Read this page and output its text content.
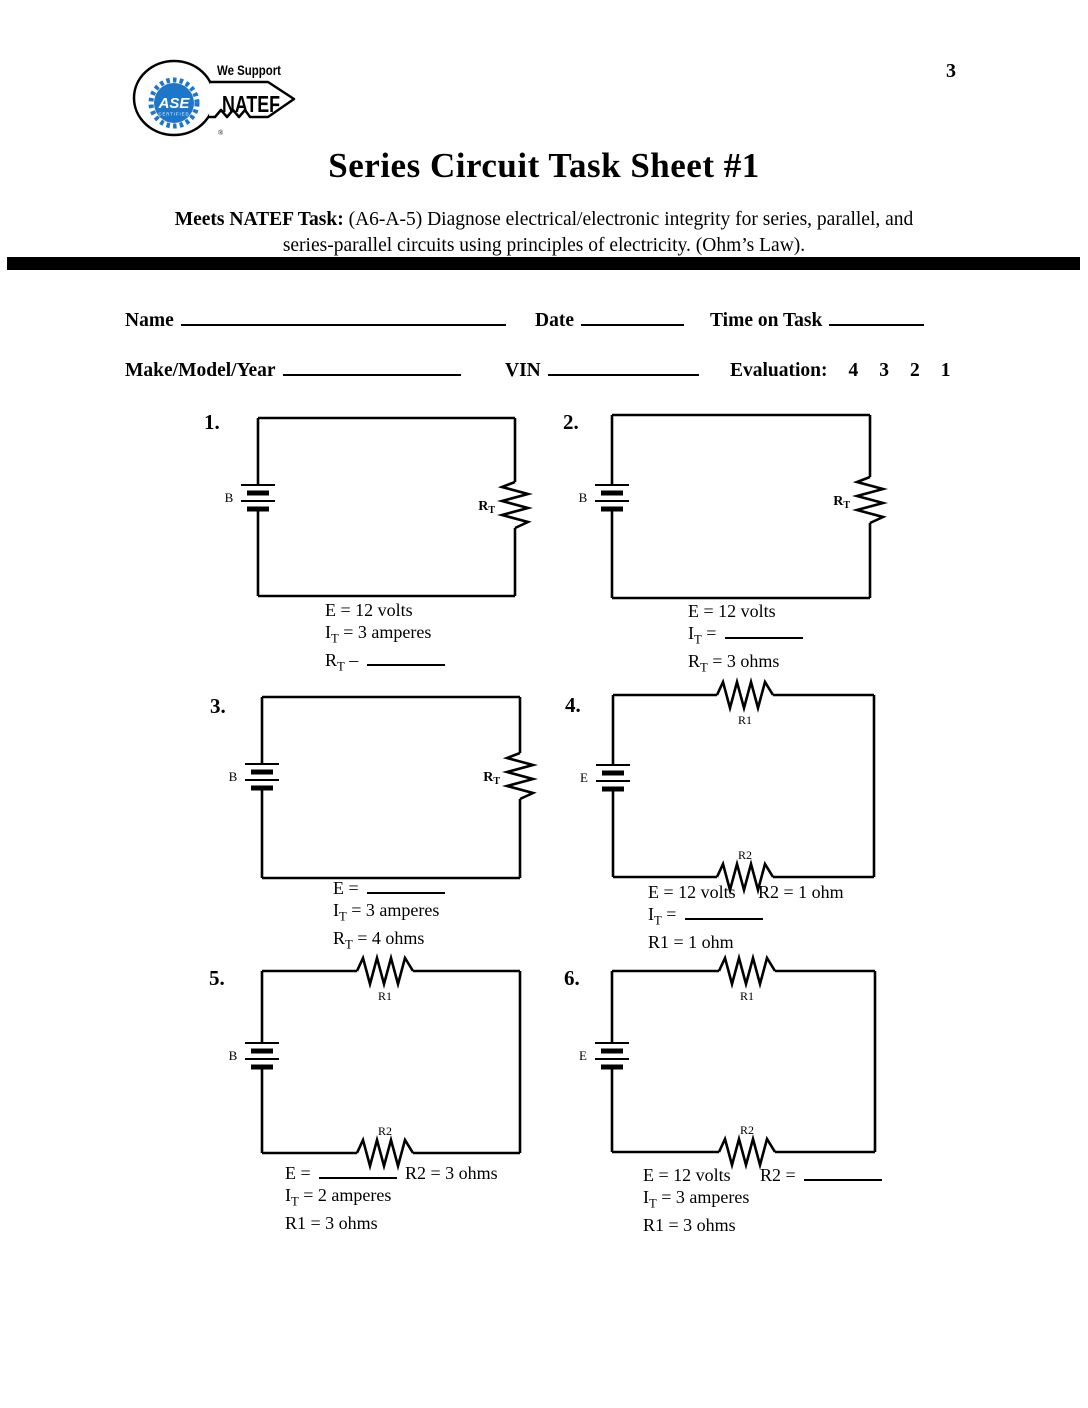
3
ASE
CERTIFIED
We Support
NATEF
®
Series Circuit Task Sheet #1
Meets NATEF Task: (A6-A-5) Diagnose electrical/electronic integrity for series, parallel, and
series-parallel circuits using principles of electricity. (Ohm’s Law).
Name	Date	Time on Task
Make/Model/Year	VIN	Evaluation: 4 3 2 1
1.
$R_T$
B
E = 12 volts
$I_T = 3$ amperes
$R_T$ –
2.
$R_T$
B
E = 12 volts
$I_T$ =
$R_T = 3$ ohms
3.
$R_T$
B
E =
$I_T = 3$ amperes
$R_T = 4$ ohms
4.
R1
R2
E
E = 12 volts
$I_T$ =
R1 = 1 ohm
R2 = 1 ohm
5.
R1
R2
B
E =
$I_T = 2$ amperes
R1 = 3 ohms
R2 = 3 ohms
6.
R1
R2
E
E = 12 volts
$I_T = 3$ amperes
R1 = 3 ohms
R2 =
